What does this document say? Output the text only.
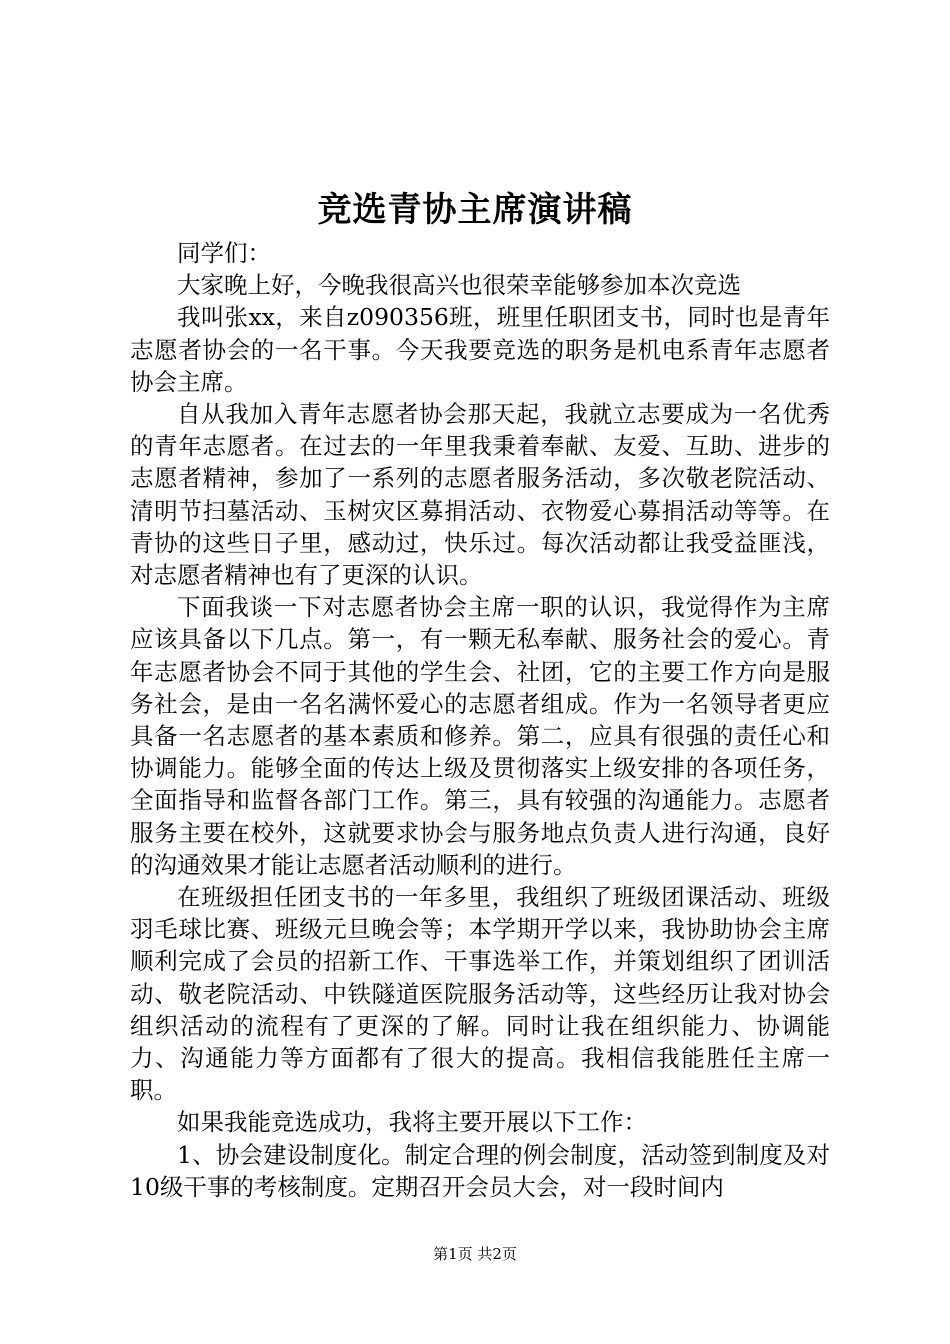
竞选青协主席演讲稿

同学们：

大家晚上好，今晚我很高兴也很荣幸能够参加本次竞选

我叫张xx，来自z090356班，班里任职团支书，同时也是青年志愿者协会的一名干事。今天我要竞选的职务是机电系青年志愿者协会主席。

自从我加入青年志愿者协会那天起，我就立志要成为一名优秀的青年志愿者。在过去的一年里我秉着奉献、友爱、互助、进步的志愿者精神，参加了一系列的志愿者服务活动，多次敬老院活动、清明节扫墓活动、玉树灾区募捐活动、衣物爱心募捐活动等等。在青协的这些日子里，感动过，快乐过。每次活动都让我受益匪浅，对志愿者精神也有了更深的认识。

下面我谈一下对志愿者协会主席一职的认识，我觉得作为主席应该具备以下几点。第一，有一颗无私奉献、服务社会的爱心。青年志愿者协会不同于其他的学生会、社团，它的主要工作方向是服务社会，是由一名名满怀爱心的志愿者组成。作为一名领导者更应具备一名志愿者的基本素质和修养。第二，应具有很强的责任心和协调能力。能够全面的传达上级及贯彻落实上级安排的各项任务，全面指导和监督各部门工作。第三，具有较强的沟通能力。志愿者服务主要在校外，这就要求协会与服务地点负责人进行沟通，良好的沟通效果才能让志愿者活动顺利的进行。

在班级担任团支书的一年多里，我组织了班级团课活动、班级羽毛球比赛、班级元旦晚会等；本学期开学以来，我协助协会主席顺利完成了会员的招新工作、干事选举工作，并策划组织了团训活动、敬老院活动、中铁隧道医院服务活动等，这些经历让我对协会组织活动的流程有了更深的了解。同时让我在组织能力、协调能力、沟通能力等方面都有了很大的提高。我相信我能胜任主席一职。

如果我能竞选成功，我将主要开展以下工作：

1、协会建设制度化。制定合理的例会制度，活动签到制度及对10级干事的考核制度。定期召开会员大会，对一段时间内

第1页 共2页
